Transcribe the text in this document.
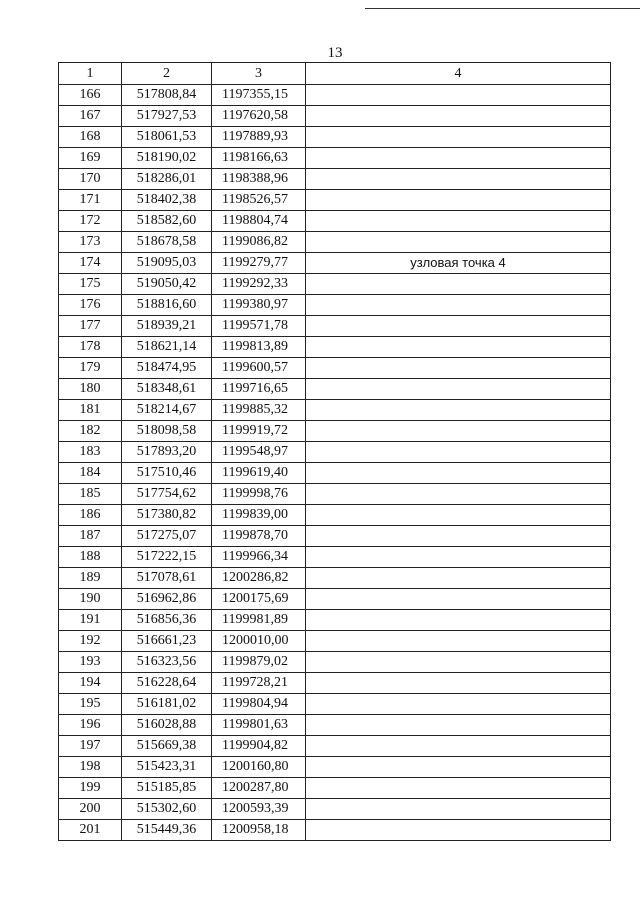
13
1	2	3	4
166	517808,84	1197355,15	
167	517927,53	1197620,58	
168	518061,53	1197889,93	
169	518190,02	1198166,63	
170	518286,01	1198388,96	
171	518402,38	1198526,57	
172	518582,60	1198804,74	
173	518678,58	1199086,82	
174	519095,03	1199279,77	узловая точка 4
175	519050,42	1199292,33	
176	518816,60	1199380,97	
177	518939,21	1199571,78	
178	518621,14	1199813,89	
179	518474,95	1199600,57	
180	518348,61	1199716,65	
181	518214,67	1199885,32	
182	518098,58	1199919,72	
183	517893,20	1199548,97	
184	517510,46	1199619,40	
185	517754,62	1199998,76	
186	517380,82	1199839,00	
187	517275,07	1199878,70	
188	517222,15	1199966,34	
189	517078,61	1200286,82	
190	516962,86	1200175,69	
191	516856,36	1199981,89	
192	516661,23	1200010,00	
193	516323,56	1199879,02	
194	516228,64	1199728,21	
195	516181,02	1199804,94	
196	516028,88	1199801,63	
197	515669,38	1199904,82	
198	515423,31	1200160,80	
199	515185,85	1200287,80	
200	515302,60	1200593,39	
201	515449,36	1200958,18	
